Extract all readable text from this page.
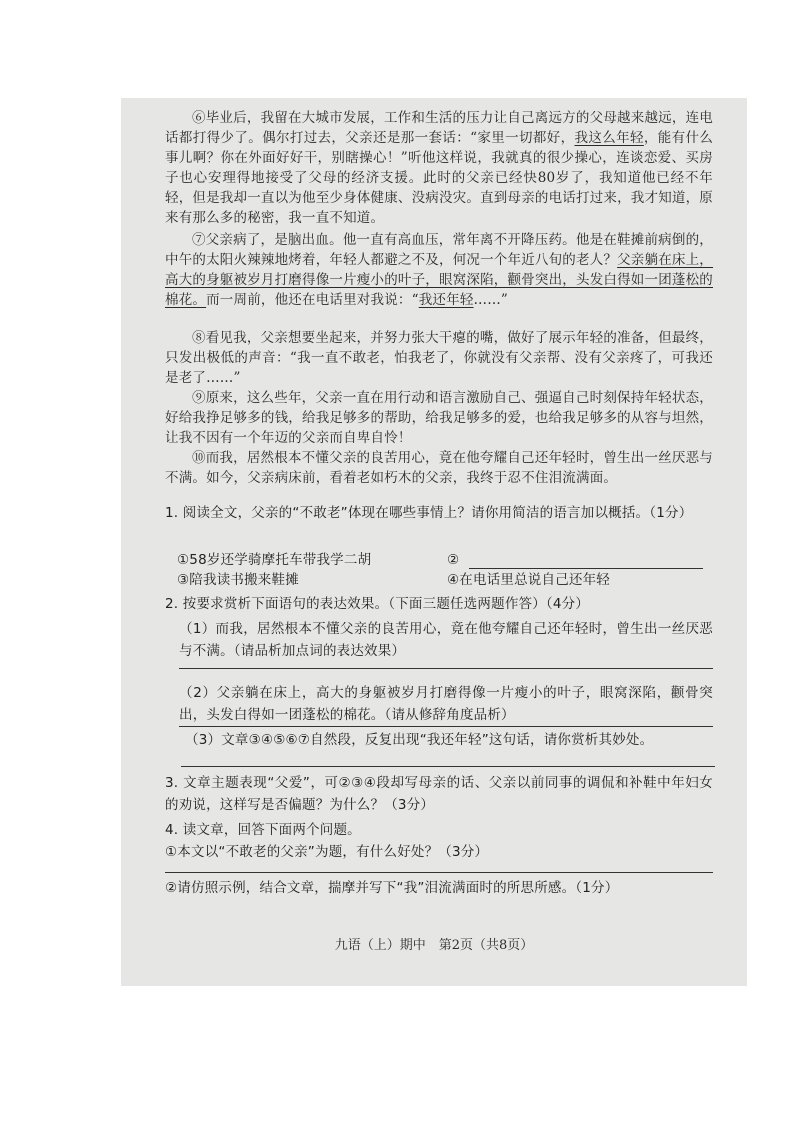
⑥毕业后，我留在大城市发展，工作和生活的压力让自己离远方的父母越来越远，连电话都打得少了。偶尔打过去，父亲还是那一套话：“家里一切都好，我这么年轻，能有什么事儿啊？你在外面好好干，别瞎操心！”听他这样说，我就真的很少操心，连谈恋爱、买房子也心安理得地接受了父母的经济支援。此时的父亲已经快80岁了，我知道他已经不年轻，但是我却一直以为他至少身体健康、没病没灾。直到母亲的电话打过来，我才知道，原来有那么多的秘密，我一直不知道。

⑦父亲病了，是脑出血。他一直有高血压，常年离不开降压药。他是在鞋摊前病倒的，中午的太阳火辣辣地烤着，年轻人都避之不及，何况一个年近八旬的老人？父亲躺在床上，高大的身躯被岁月打磨得像一片瘦小的叶子，眼窝深陷，颧骨突出，头发白得如一团蓬松的棉花。而一周前，他还在电话里对我说：“我还年轻……”

⑧看见我，父亲想要坐起来，并努力张大干瘪的嘴，做好了展示年轻的准备，但最终，只发出极低的声音：“我一直不敢老，怕我老了，你就没有父亲帮、没有父亲疼了，可我还是老了……”

⑨原来，这么些年，父亲一直在用行动和语言激励自己、强逼自己时刻保持年轻状态，好给我挣足够多的钱，给我足够多的帮助，给我足够多的爱，也给我足够多的从容与坦然，让我不因有一个年迈的父亲而自卑自怜！

⑩而我，居然根本不懂父亲的良苦用心，竟在他夸耀自己还年轻时，曾生出一丝厌恶与不满。如今，父亲病床前，看着老如朽木的父亲，我终于忍不住泪流满面。

1. 阅读全文，父亲的“不敢老”体现在哪些事情上？请你用简洁的语言加以概括。（1分）

①58岁还学骑摩托车带我学二胡	②
③陪我读书搬来鞋摊	④在电话里总说自己还年轻

2. 按要求赏析下面语句的表达效果。（下面三题任选两题作答）（4分）

（1）而我，居然根本不懂父亲的良苦用心，竟在他夸耀自己还年轻时，曾生出一丝厌恶与不满。（请品析加点词的表达效果）

（2）父亲躺在床上，高大的身躯被岁月打磨得像一片瘦小的叶子，眼窝深陷，颧骨突出，头发白得如一团蓬松的棉花。（请从修辞角度品析）

（3）文章③④⑤⑥⑦自然段，反复出现“我还年轻”这句话，请你赏析其妙处。

3. 文章主题表现“父爱”，可②③④段却写母亲的话、父亲以前同事的调侃和补鞋中年妇女的劝说，这样写是否偏题？为什么？（3分）

4. 读文章，回答下面两个问题。

①本文以“不敢老的父亲”为题，有什么好处？（3分）

②请仿照示例，结合文章，揣摩并写下“我”泪流满面时的所思所感。（1分）

九语（上）期中　第2页（共8页）
